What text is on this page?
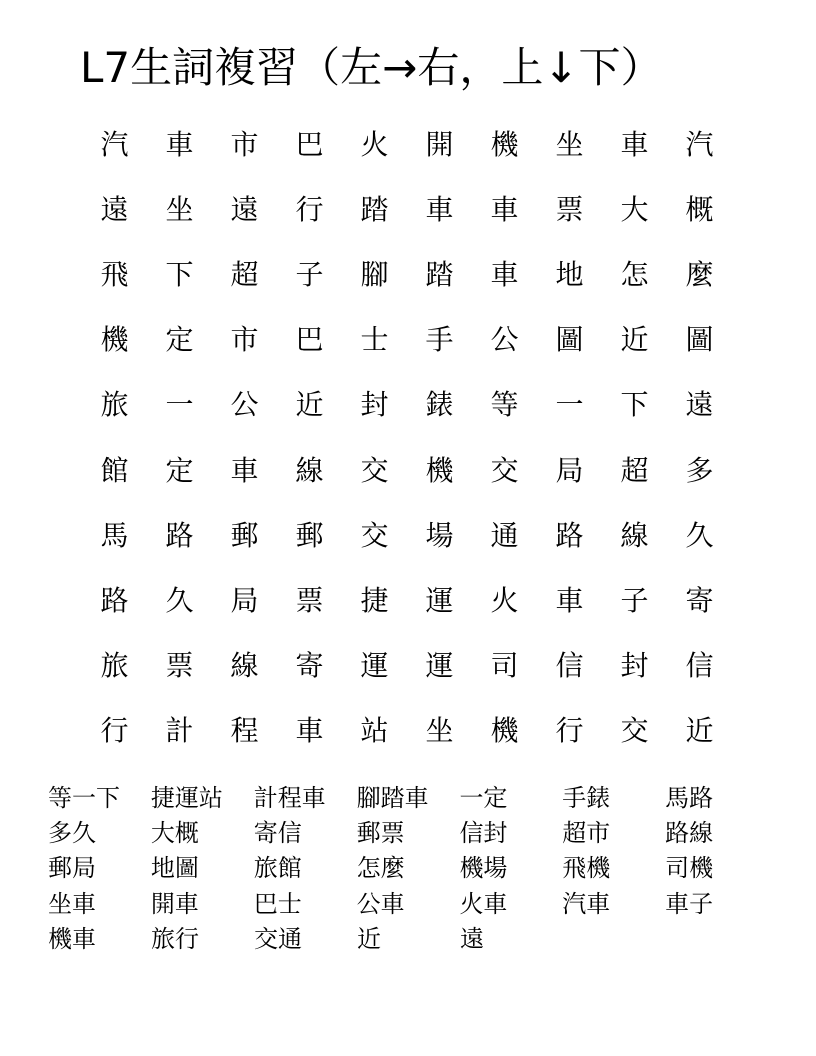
L7生詞複習（左→右，上↓下）
汽	車	市	巴	火	開	機	坐	車	汽
遠	坐	遠	行	踏	車	車	票	大	概
飛	下	超	子	腳	踏	車	地	怎	麼
機	定	市	巴	士	手	公	圖	近	圖
旅	一	公	近	封	錶	等	一	下	遠
館	定	車	線	交	機	交	局	超	多
馬	路	郵	郵	交	場	通	路	線	久
路	久	局	票	捷	運	火	車	子	寄
旅	票	線	寄	運	運	司	信	封	信
行	計	程	車	站	坐	機	行	交	近
等一下	捷運站	計程車	腳踏車	一定	手錶	馬路
多久	大概	寄信	郵票	信封	超市	路線
郵局	地圖	旅館	怎麼	機場	飛機	司機
坐車	開車	巴士	公車	火車	汽車	車子
機車	旅行	交通	近	遠
